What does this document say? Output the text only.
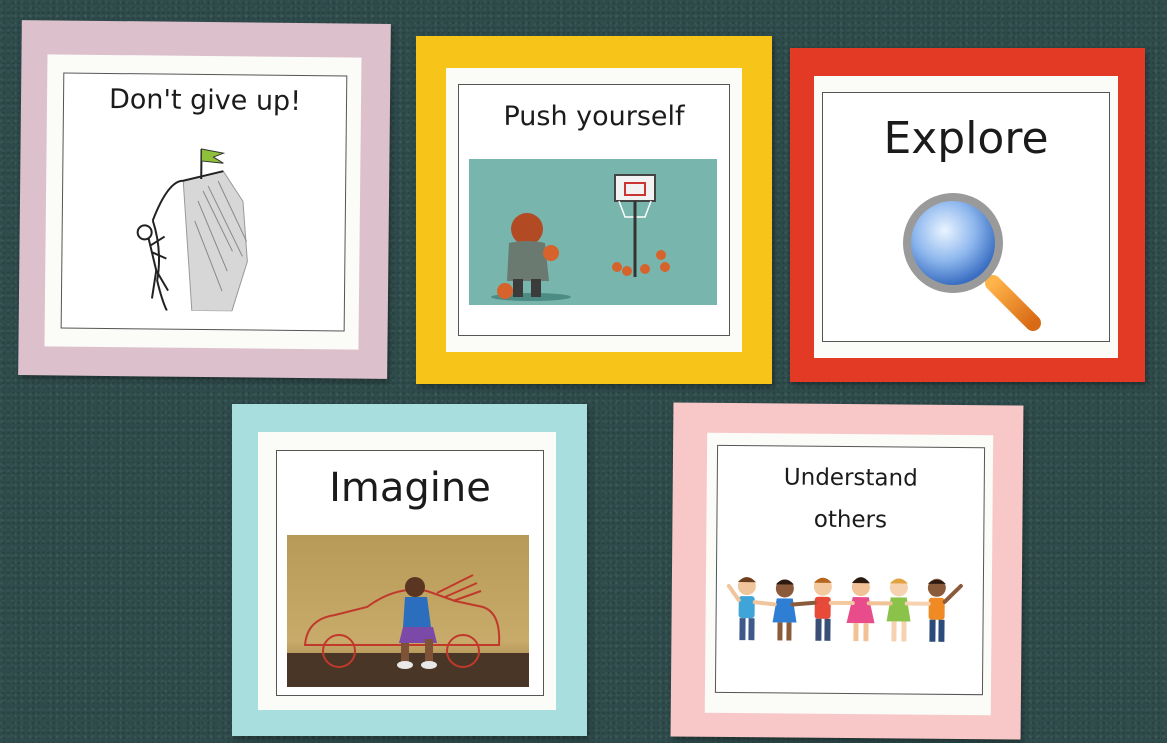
Don't give up!	Push yourself	Explore
Imagine	Understand
others
